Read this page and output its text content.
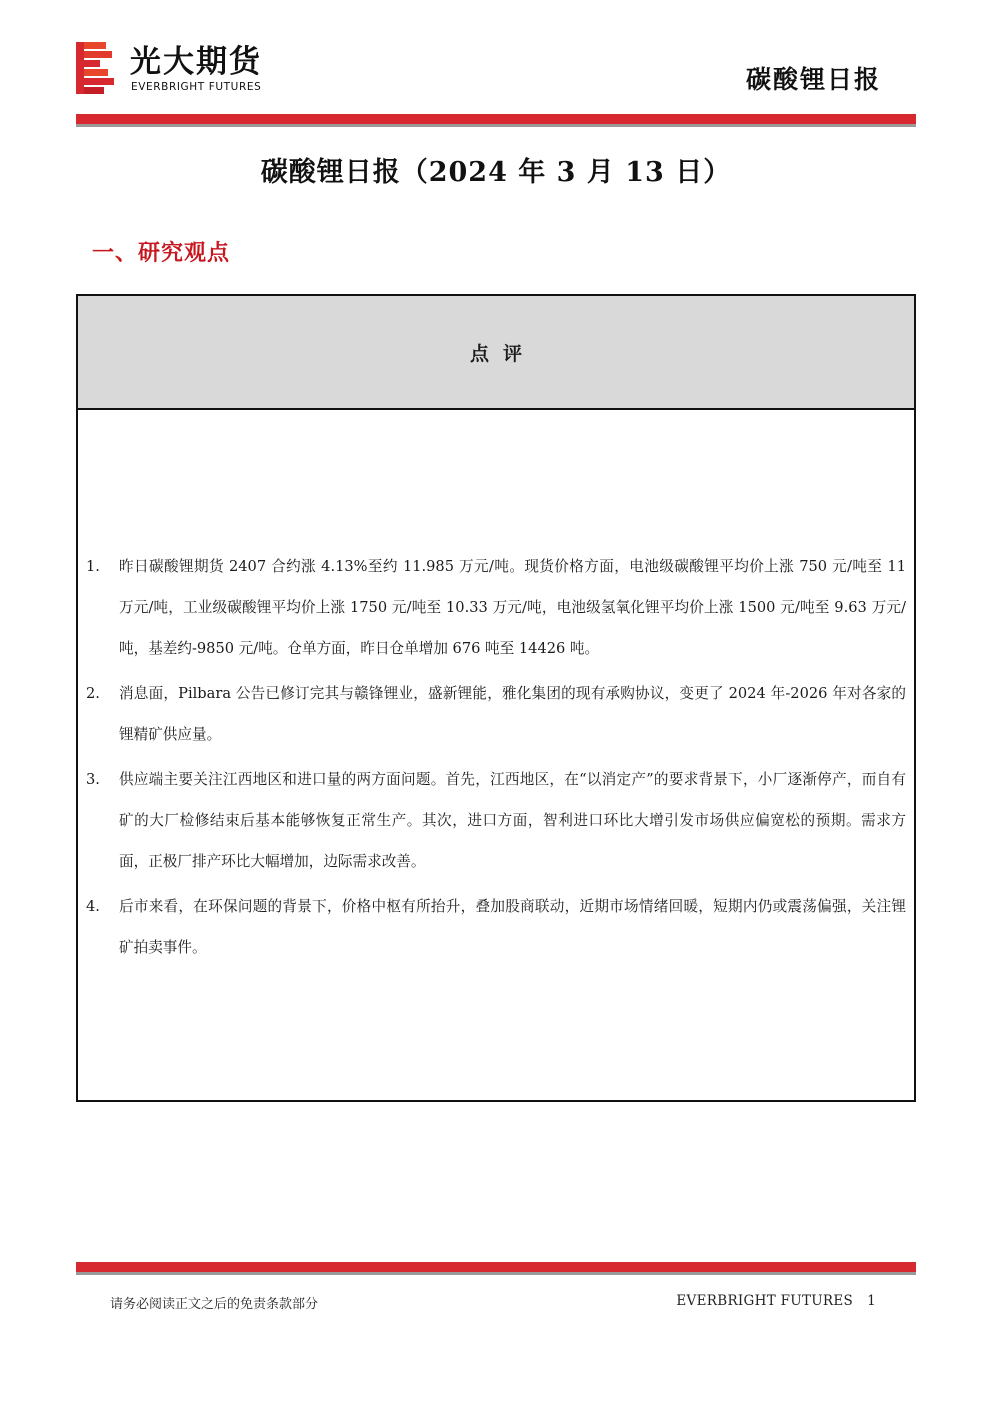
光大期货
EVERBRIGHT FUTURES	碳酸锂日报
碳酸锂日报（2024 年 3 月 13 日）
一、研究观点
点评
1. 昨日碳酸锂期货 2407 合约涨 4.13%至约 11.985 万元/吨。现货价格方面，电池级碳酸锂平均价上涨 750 元/吨至 11 万元/吨，工业级碳酸锂平均价上涨 1750 元/吨至 10.33 万元/吨，电池级氢氧化锂平均价上涨 1500 元/吨至 9.63 万元/吨，基差约-9850 元/吨。仓单方面，昨日仓单增加 676 吨至 14426 吨。
2. 消息面，Pilbara 公告已修订完其与赣锋锂业，盛新锂能，雅化集团的现有承购协议，变更了 2024 年-2026 年对各家的锂精矿供应量。
3. 供应端主要关注江西地区和进口量的两方面问题。首先，江西地区，在“以消定产”的要求背景下，小厂逐渐停产，而自有矿的大厂检修结束后基本能够恢复正常生产。其次，进口方面，智利进口环比大增引发市场供应偏宽松的预期。需求方面，正极厂排产环比大幅增加，边际需求改善。
4. 后市来看，在环保问题的背景下，价格中枢有所抬升，叠加股商联动，近期市场情绪回暖，短期内仍或震荡偏强，关注锂矿拍卖事件。
请务必阅读正文之后的免责条款部分	EVERBRIGHT FUTURES 1
